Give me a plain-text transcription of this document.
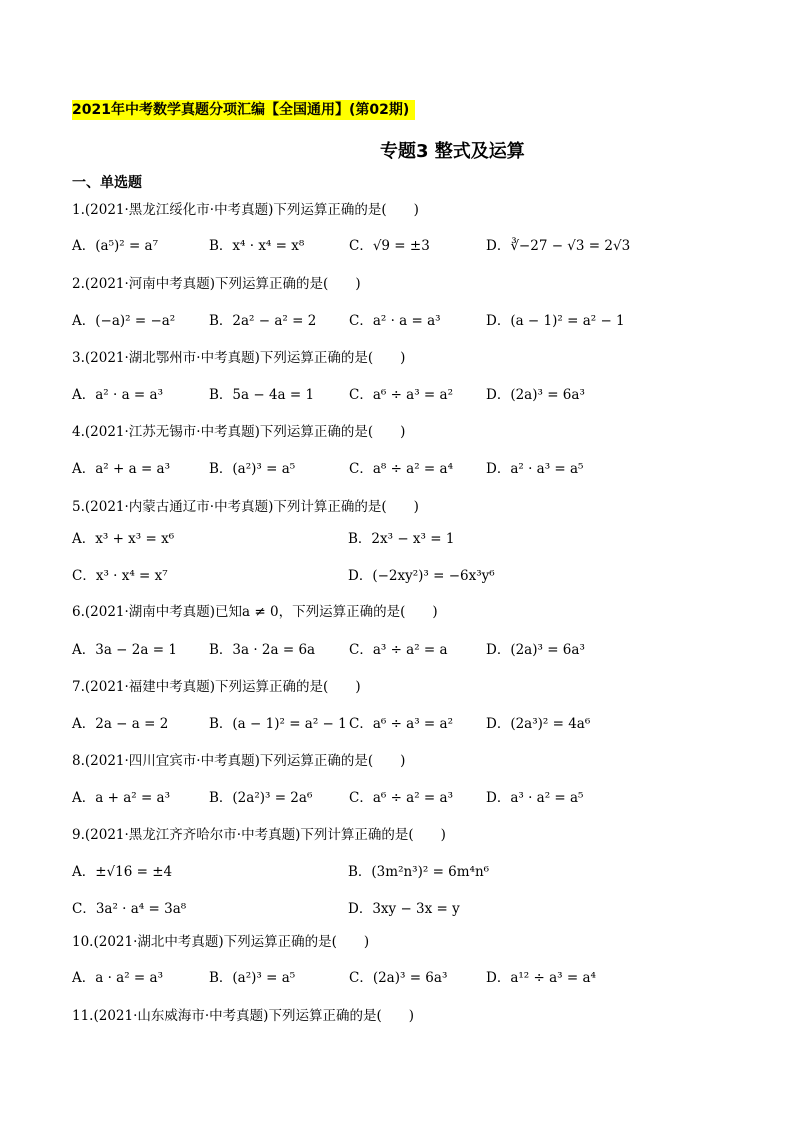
2021年中考数学真题分项汇编【全国通用】(第02期)
专题3 整式及运算
一、单选题
1.(2021·黑龙江绥化市·中考真题)下列运算正确的是(　　)
A．(a⁵)² = a⁷	B．x⁴ · x⁴ = x⁸	C．√9 = ±3	D．∛−27 − √3 = 2√3
2.(2021·河南中考真题)下列运算正确的是(　　)
A．(−a)² = −a²	B．2a² − a² = 2 C．a² · a = a³	D．(a − 1)² = a² − 1
3.(2021·湖北鄂州市·中考真题)下列运算正确的是(　　)
A．a² · a = a³	B．5a − 4a = 1	C．a⁶ ÷ a³ = a² D．(2a)³ = 6a³
4.(2021·江苏无锡市·中考真题)下列运算正确的是(　　)
A．a² + a = a³	B．(a²)³ = a⁵	C．a⁸ ÷ a² = a⁴ D．a² · a³ = a⁵
5.(2021·内蒙古通辽市·中考真题)下列计算正确的是(　　)
A．x³ + x³ = x⁶	B．2x³ − x³ = 1
C．x³ · x⁴ = x⁷	D．(−2xy²)³ = −6x³y⁶
6.(2021·湖南中考真题)已知a ≠ 0，下列运算正确的是(　　)
A．3a − 2a = 1 B．3a · 2a = 6a	C．a³ ÷ a² = a	D．(2a)³ = 6a³
7.(2021·福建中考真题)下列运算正确的是(　　)
A．2a − a = 2	B．(a − 1)² = a² − 1 C．a⁶ ÷ a³ = a² D．(2a³)² = 4a⁶
8.(2021·四川宜宾市·中考真题)下列运算正确的是(　　)
A．a + a² = a³	B．(2a²)³ = 2a⁶	C．a⁶ ÷ a² = a³ D．a³ · a² = a⁵
9.(2021·黑龙江齐齐哈尔市·中考真题)下列计算正确的是(　　)
A．±√16 = ±4	B．(3m²n³)² = 6m⁴n⁶
C．3a² · a⁴ = 3a⁸	D．3xy − 3x = y
10.(2021·湖北中考真题)下列运算正确的是(　　)
A．a · a² = a³	B．(a²)³ = a⁵	C．(2a)³ = 6a³	D．a¹² ÷ a³ = a⁴
11.(2021·山东威海市·中考真题)下列运算正确的是(　　)
